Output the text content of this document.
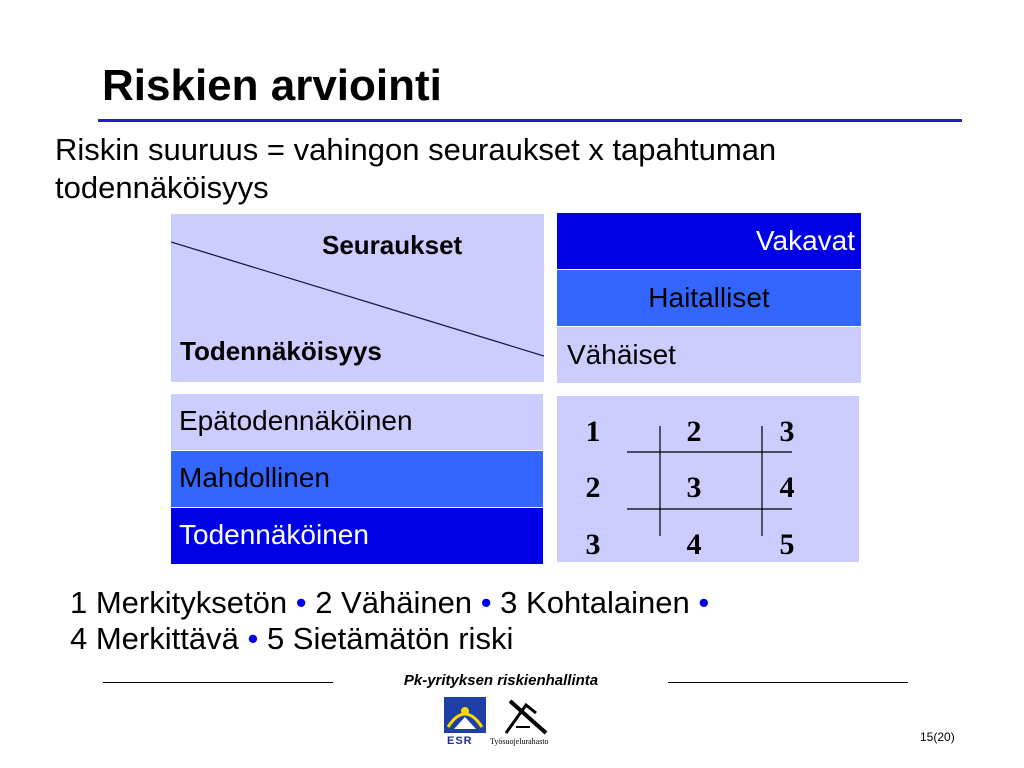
Riskien arviointi
Riskin suuruus = vahingon seuraukset x tapahtuman
todennäköisyys
Seuraukset
Todennäköisyys
Vakavat
Haitalliset
Vähäiset
Epätodennäköinen
Mahdollinen
Todennäköinen
1	2	3
2	3	4
3	4	5
1 Merkityksetön • 2 Vähäinen • 3 Kohtalainen •
4 Merkittävä • 5 Sietämätön riski
Pk-yrityksen riskienhallinta
ESR Työsuojelurahasto	15(20)
